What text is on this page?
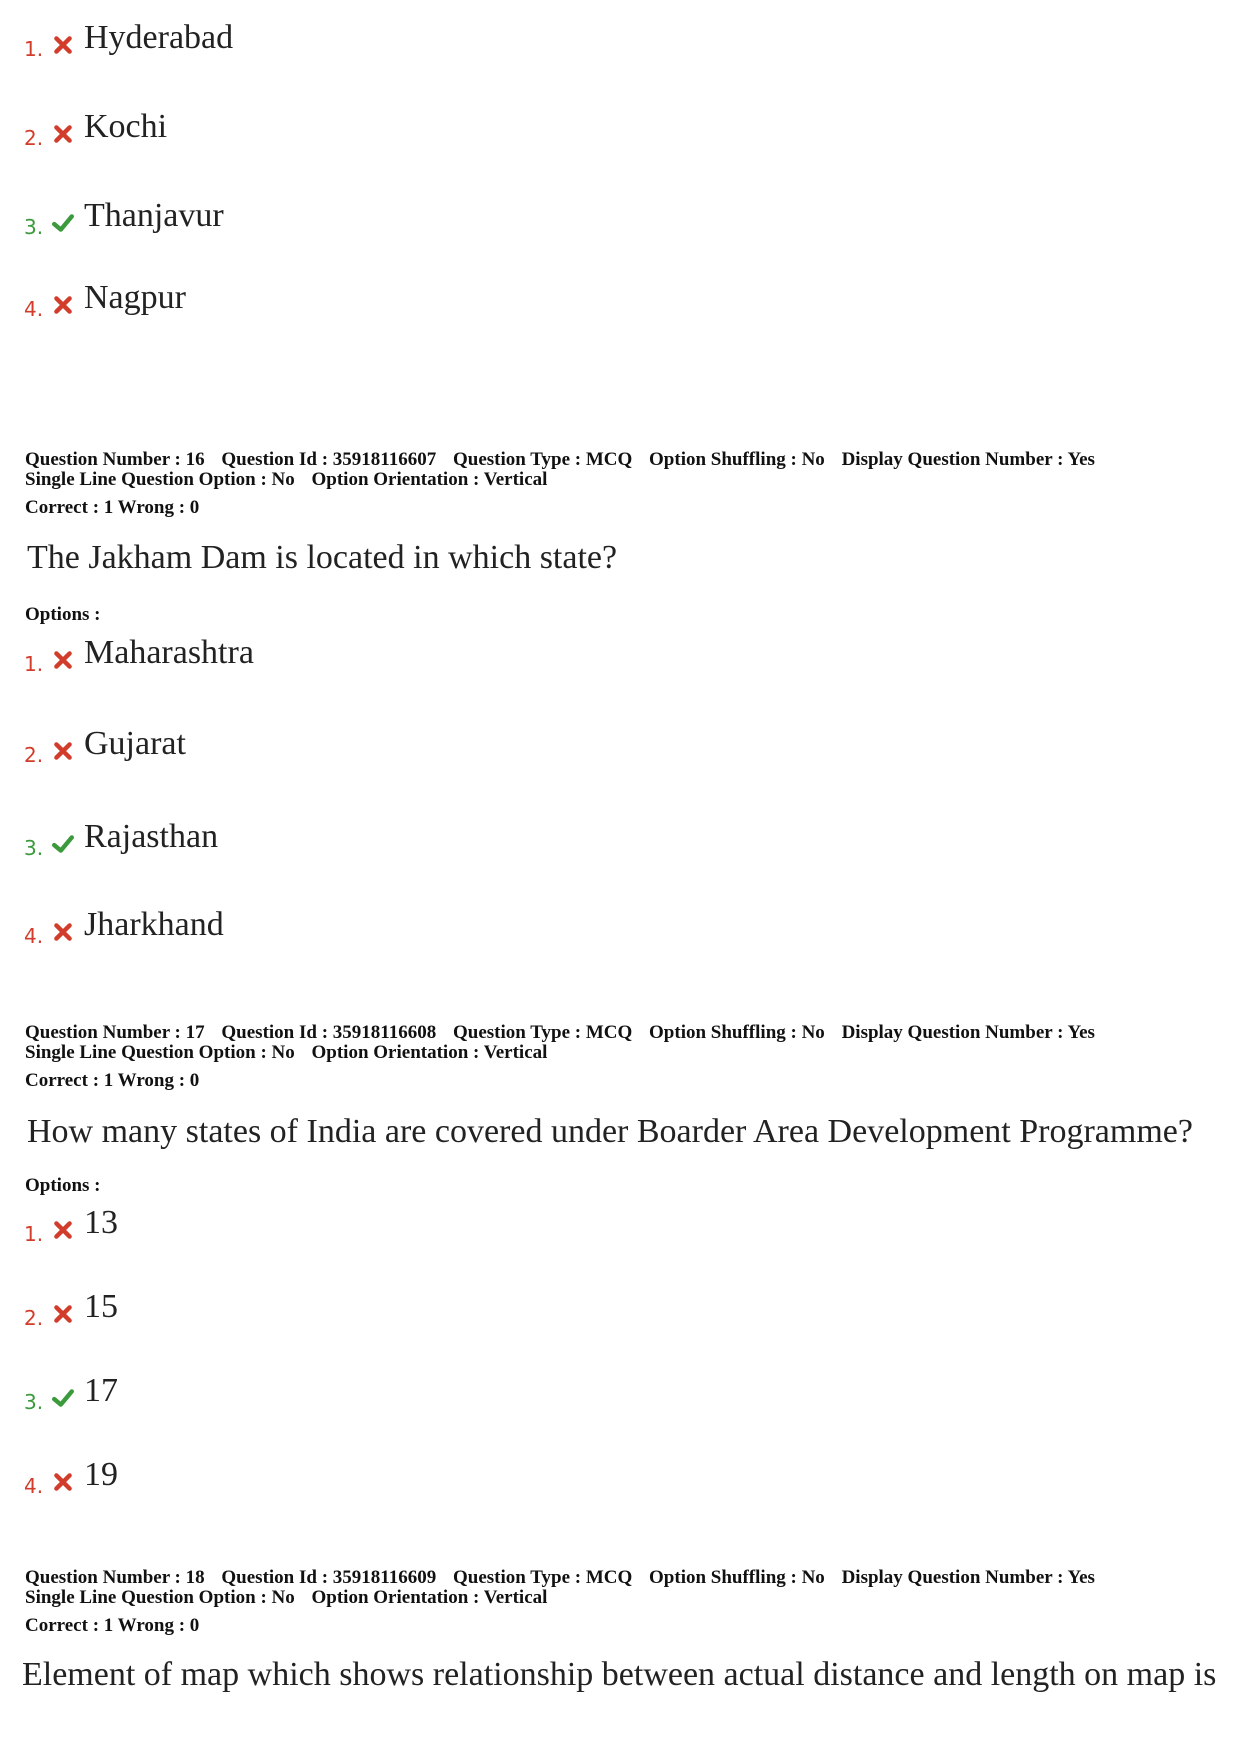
1. Hyderabad
2. Kochi
3. Thanjavur
4. Nagpur
Question Number : 16 Question Id : 35918116607 Question Type : MCQ Option Shuffling : No Display Question Number : Yes
Single Line Question Option : No Option Orientation : Vertical
Correct : 1 Wrong : 0
The Jakham Dam is located in which state?
Options :
1. Maharashtra
2. Gujarat
3. Rajasthan
4. Jharkhand
Question Number : 17 Question Id : 35918116608 Question Type : MCQ Option Shuffling : No Display Question Number : Yes
Single Line Question Option : No Option Orientation : Vertical
Correct : 1 Wrong : 0
How many states of India are covered under Boarder Area Development Programme?
Options :
1. 13
2. 15
3. 17
4. 19
Question Number : 18 Question Id : 35918116609 Question Type : MCQ Option Shuffling : No Display Question Number : Yes
Single Line Question Option : No Option Orientation : Vertical
Correct : 1 Wrong : 0
Element of map which shows relationship between actual distance and length on map is
